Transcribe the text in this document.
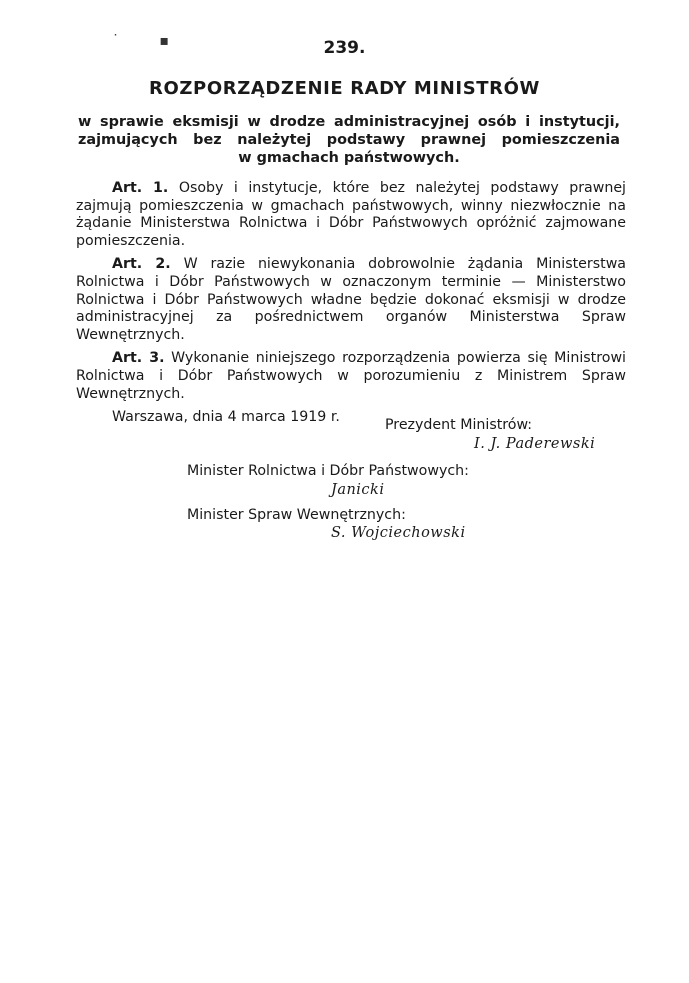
˙ ▪	239.
ROZPORZĄDZENIE RADY MINISTRÓW
w sprawie eksmisji w drodze administracyjnej osób i instytucji,
zajmujących bez należytej podstawy prawnej pomieszczenia
w gmachach państwowych.

Art. 1. Osoby i instytucje, które bez należytej podstawy prawnej zajmują pomieszczenia w gmachach państwowych, winny niezwłocznie na żądanie Ministerstwa Rolnictwa i Dóbr Państwowych opróżnić zajmowane pomieszczenia.

Art. 2. W razie niewykonania dobrowolnie żądania Ministerstwa Rolnictwa i Dóbr Państwowych w oznaczonym terminie — Ministerstwo Rolnictwa i Dóbr Państwowych władne będzie dokonać eksmisji w drodze administracyjnej za pośrednictwem organów Ministerstwa Spraw Wewnętrznych.

Art. 3. Wykonanie niniejszego rozporządzenia powierza się Ministrowi Rolnictwa i Dóbr Państwowych w porozumieniu z Ministrem Spraw Wewnętrznych.

Warszawa, dnia 4 marca 1919 r.	Prezydent Ministrów:
I. J. Paderewski
Minister Rolnictwa i Dóbr Państwowych:
Janicki
Minister Spraw Wewnętrznych:
S. Wojciechowski
